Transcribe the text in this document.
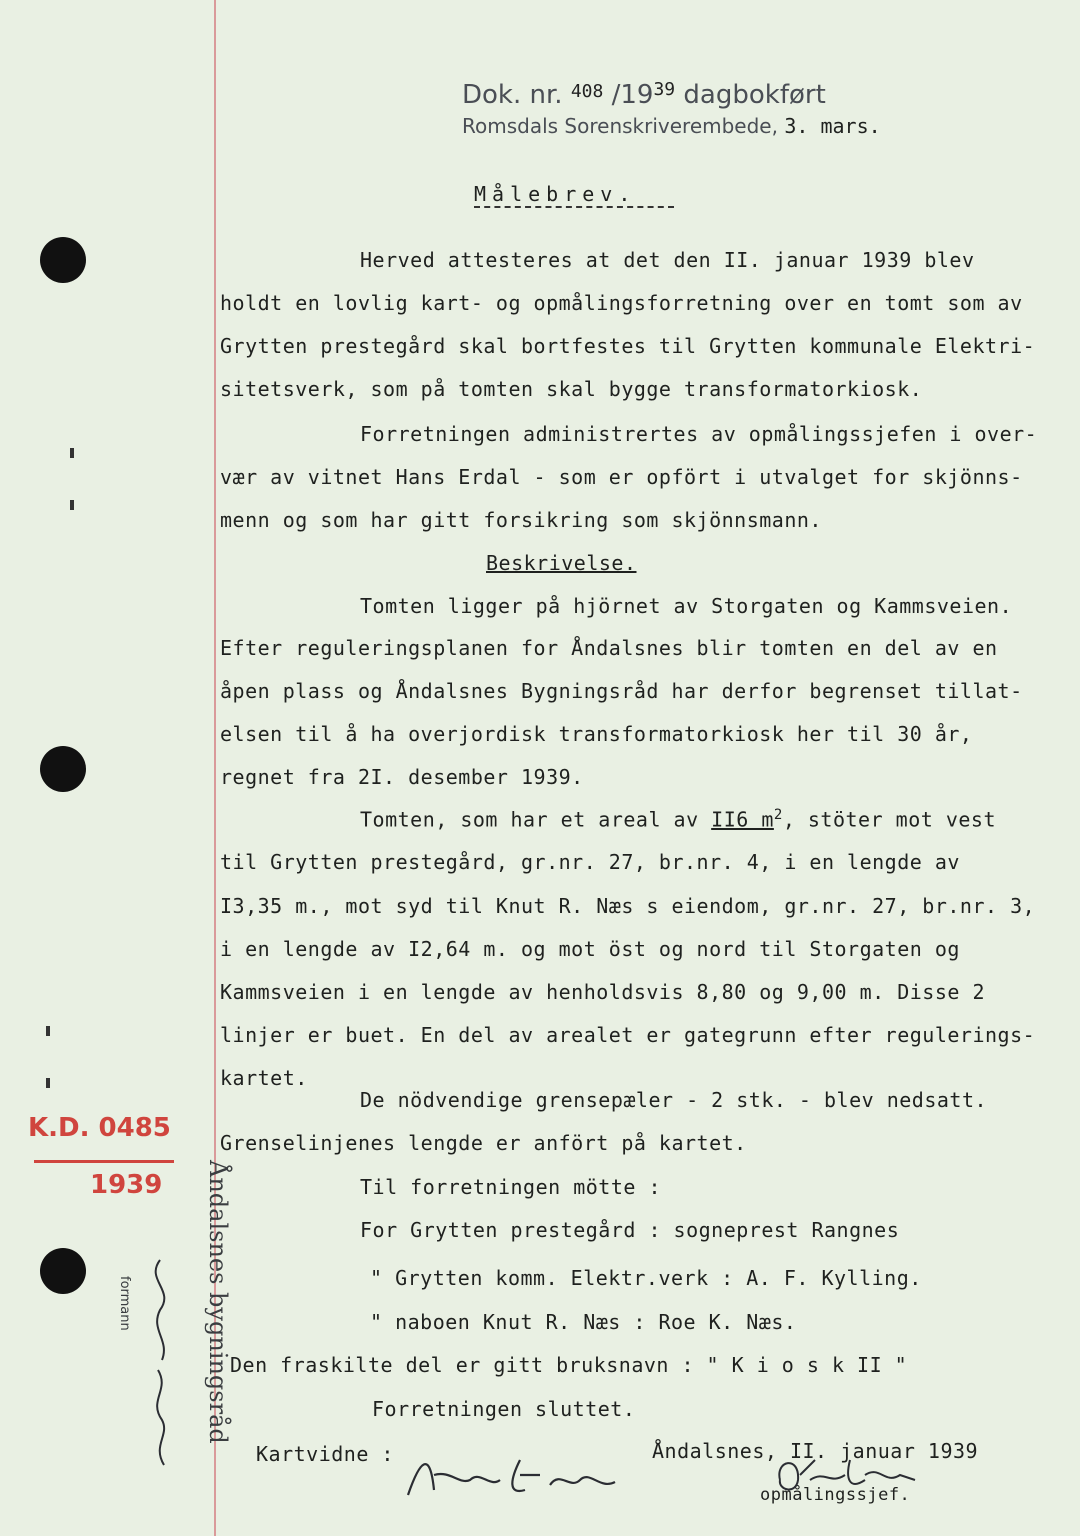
Dok. nr. $^{408}$ $/19^{39}$ dagbokført
Romsdals Sorenskriverembede, 3. mars.
Målebrev.
Herved attesteres at det den II. januar 1939 blev
holdt en lovlig kart- og opmålingsforretning over en tomt som av
Grytten prestegård skal bortfestes til Grytten kommunale Elektri-
sitetsverk, som på tomten skal bygge transformatorkiosk.
Forretningen administrertes av opmålingssjefen i over-
vær av vitnet Hans Erdal - som er opfört i utvalget for skjönns-
menn og som har gitt forsikring som skjönnsmann.
Beskrivelse.
Tomten ligger på hjörnet av Storgaten og Kammsveien.
Efter reguleringsplanen for Åndalsnes blir tomten en del av en
åpen plass og Åndalsnes Bygningsråd har derfor begrenset tillat-
elsen til å ha overjordisk transformatorkiosk her til 30 år,
regnet fra 2I. desember 1939.
Tomten, som har et areal av II6 $m^2$, stöter mot vest
til Grytten prestegård, gr.nr. 27, br.nr. 4, i en lengde av
I3,35 m., mot syd til Knut R. Næs s eiendom, gr.nr. 27, br.nr. 3,
i en lengde av I2,64 m. og mot öst og nord til Storgaten og
Kammsveien i en lengde av henholdsvis 8,80 og 9,00 m. Disse 2
linjer er buet. En del av arealet er gategrunn efter regulerings-
kartet.
De nödvendige grensepæler - 2 stk. - blev nedsatt.
Grenselinjenes lengde er anfört på kartet.
Til forretningen mötte :
For Grytten prestegård : sogneprest Rangnes
" Grytten komm. Elektr.verk : A. F. Kylling.
" naboen Knut R. Næs : Roe K. Næs.
Den fraskilte del er gitt bruksnavn : " K i o s k II "
Forretningen sluttet.
Kartvidne :	Åndalsnes, II. januar 1939
opmålingssjef.
K.D. 0485
1939 Åndalsnes bygningsråd
formann
